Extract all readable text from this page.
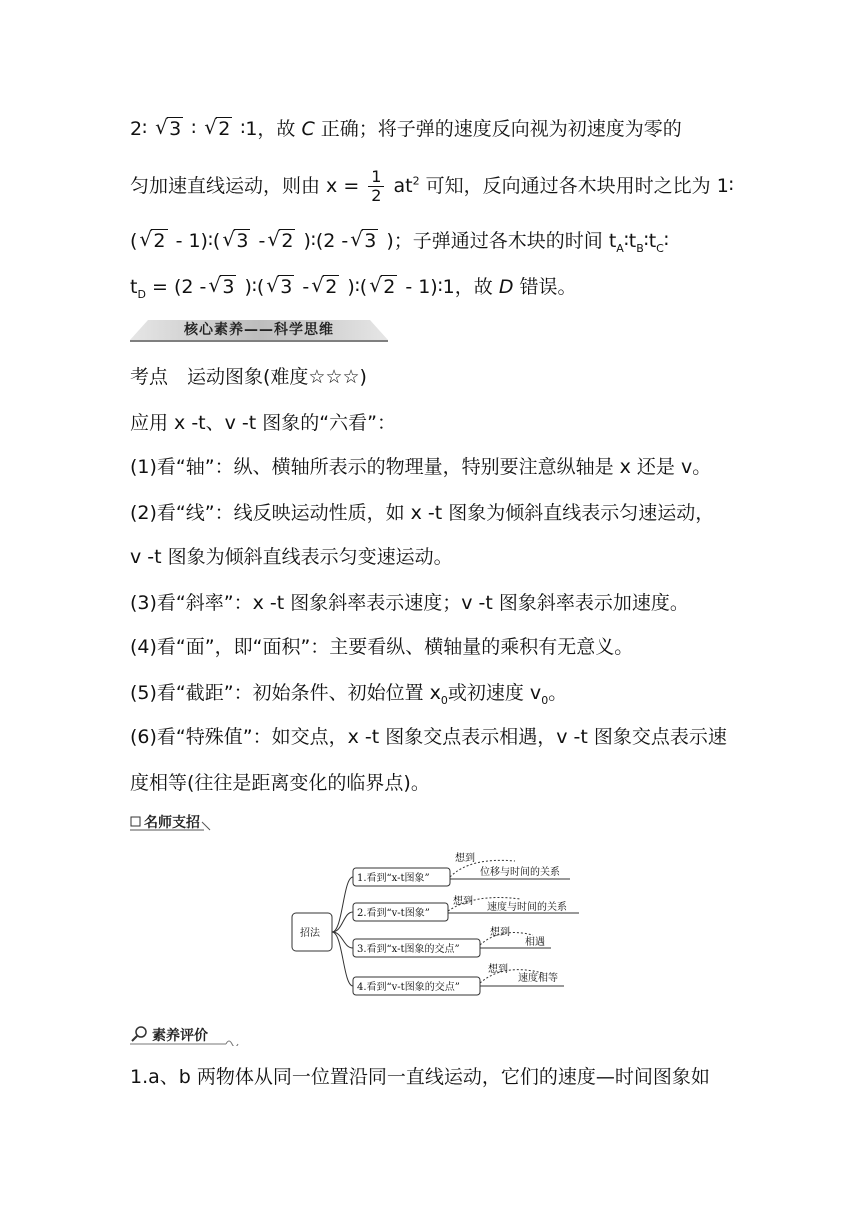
2∶ √ 3 ∶ √ 2 ∶1，故 C 正确；将子弹的速度反向视为初速度为零的
匀加速直线运动，则由 $x = \frac{1}{2} at^2$ 可知，反向通过各木块用时之比为 1∶
( √ 2 - 1)∶( √ 3 - √ 2 )∶(2 - √ 3 )；子弹通过各木块的时间 $t_A∶t_B∶t_C∶$
$t_D = (2$ - √ 3 )∶( √ 3 - √ 2 )∶( √ 2 - 1)∶1，故 D 错误。
核心素养——科学思维
考点　运动图象(难度☆☆☆)
应用 x -t、v -t 图象的“六看”：
(1)看“轴”：纵、横轴所表示的物理量，特别要注意纵轴是 x 还是 v。
(2)看“线”：线反映运动性质，如 x -t 图象为倾斜直线表示匀速运动，
v -t 图象为倾斜直线表示匀变速运动。
(3)看“斜率”：x -t 图象斜率表示速度；v -t 图象斜率表示加速度。
(4)看“面”，即“面积”：主要看纵、横轴量的乘积有无意义。
(5)看“截距”：初始条件、初始位置 $x_0$或初速度 $v_0$。
(6)看“特殊值”：如交点，x -t 图象交点表示相遇，v -t 图象交点表示速
度相等(往往是距离变化的临界点)。
名师支招
招法
1.看到“x-t图象”
想到
位移与时间的关系
2.看到“v-t图象”
想到
速度与时间的关系
3.看到“x-t图象的交点”
想到
相遇
4.看到“v-t图象的交点”
想到
速度相等
素养评价
1.a、b 两物体从同一位置沿同一直线运动，它们的速度—时间图象如
